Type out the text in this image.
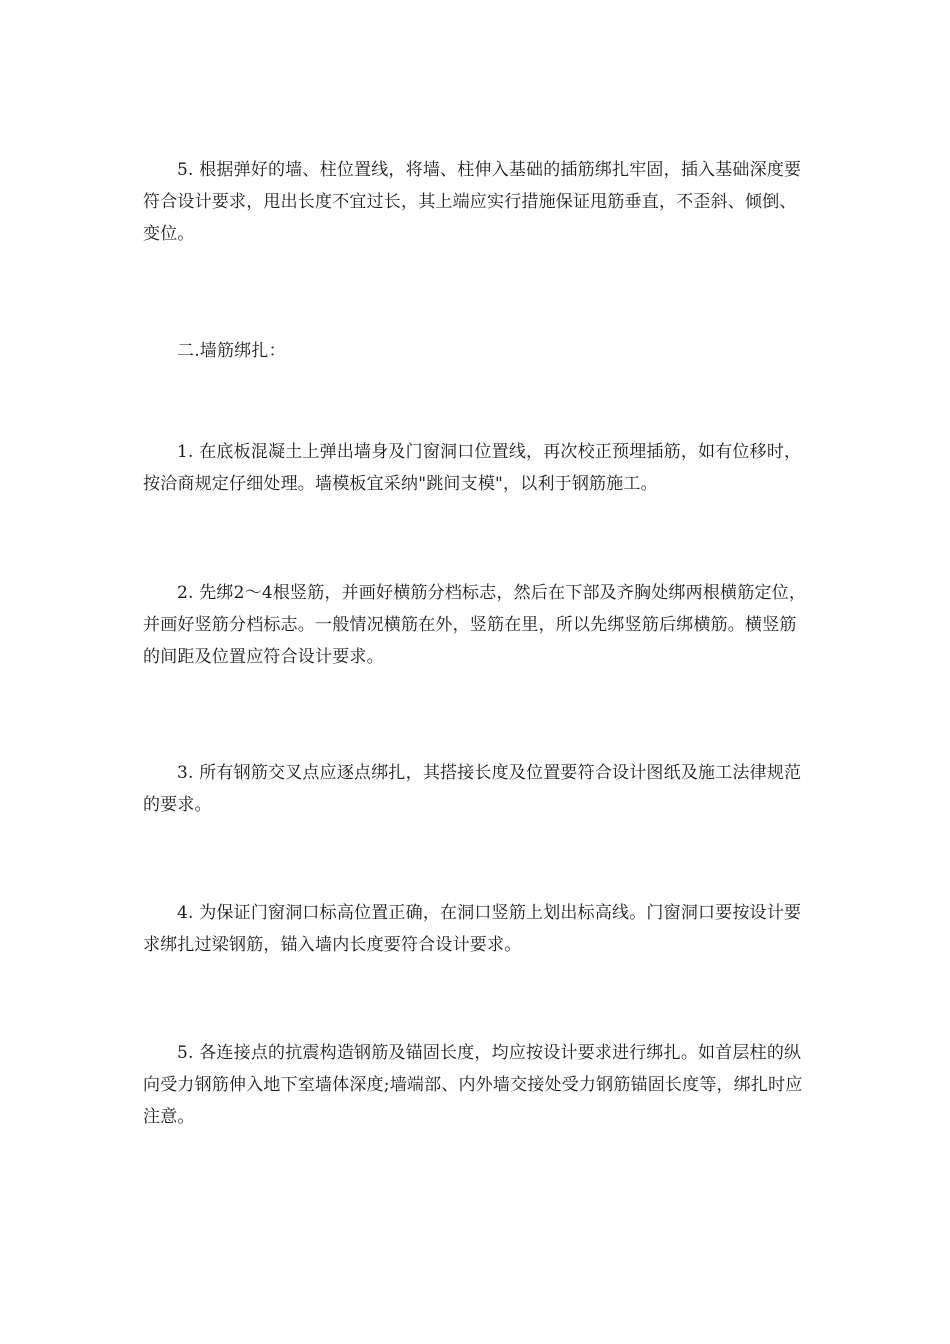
5. 根据弹好的墙、柱位置线，将墙、柱伸入基础的插筋绑扎牢固，插入基础深度要符合设计要求，甩出长度不宜过长，其上端应实行措施保证甩筋垂直，不歪斜、倾倒、变位。

二.墙筋绑扎：

1. 在底板混凝土上弹出墙身及门窗洞口位置线，再次校正预埋插筋，如有位移时，按洽商规定仔细处理。墙模板宜采纳"跳间支模"，以利于钢筋施工。

2. 先绑2～4根竖筋，并画好横筋分档标志，然后在下部及齐胸处绑两根横筋定位，并画好竖筋分档标志。一般情况横筋在外，竖筋在里，所以先绑竖筋后绑横筋。横竖筋的间距及位置应符合设计要求。

3. 所有钢筋交叉点应逐点绑扎，其搭接长度及位置要符合设计图纸及施工法律规范的要求。

4. 为保证门窗洞口标高位置正确，在洞口竖筋上划出标高线。门窗洞口要按设计要求绑扎过梁钢筋，锚入墙内长度要符合设计要求。

5. 各连接点的抗震构造钢筋及锚固长度，均应按设计要求进行绑扎。如首层柱的纵向受力钢筋伸入地下室墙体深度;墙端部、内外墙交接处受力钢筋锚固长度等，绑扎时应注意。
